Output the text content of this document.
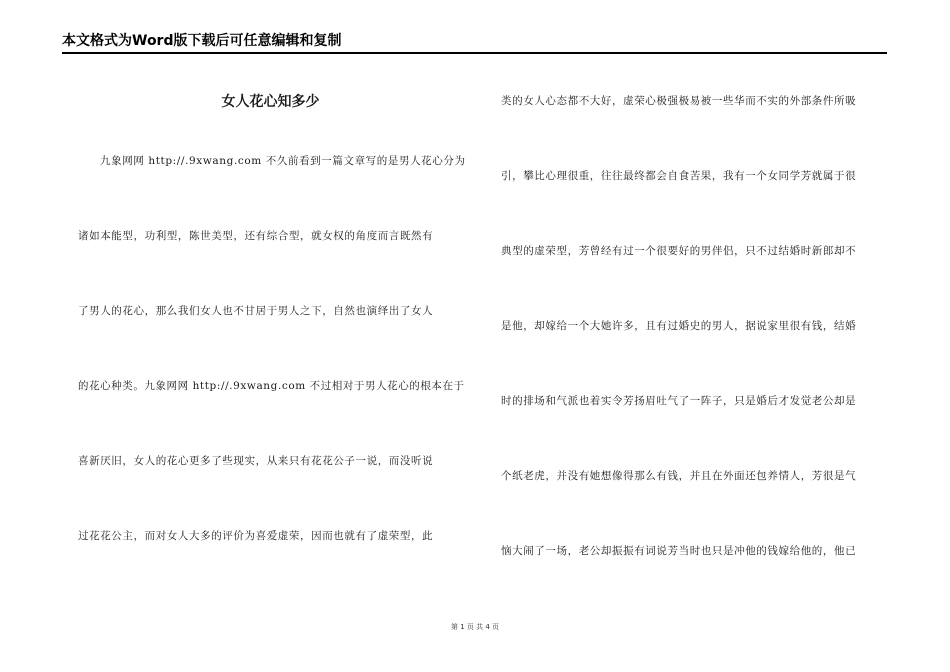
本文格式为Word版下载后可任意编辑和复制
女人花心知多少
九象网网 http://.9xwang.com 不久前看到一篇文章写的是男人花心分为
诸如本能型，功利型，陈世美型，还有综合型，就女权的角度而言既然有
了男人的花心，那么我们女人也不甘居于男人之下，自然也演绎出了女人
的花心种类。九象网网 http://.9xwang.com 不过相对于男人花心的根本在于
喜新厌旧，女人的花心更多了些现实，从来只有花花公子一说，而没听说
过花花公主，而对女人大多的评价为喜爱虚荣，因而也就有了虚荣型，此
类的女人心态都不大好，虚荣心极强极易被一些华而不实的外部条件所吸
引，攀比心理很重，往往最终都会自食苦果，我有一个女同学芳就属于很
典型的虚荣型，芳曾经有过一个很要好的男伴侣，只不过结婚时新郎却不
是他，却嫁给一个大她许多，且有过婚史的男人，据说家里很有钱，结婚
时的排场和气派也着实令芳扬眉吐气了一阵子，只是婚后才发觉老公却是
个纸老虎，并没有她想像得那么有钱，并且在外面还包养情人，芳很是气
恼大闹了一场，老公却振振有词说芳当时也只是冲他的钱嫁给他的，他已
第 1 页 共 4 页
